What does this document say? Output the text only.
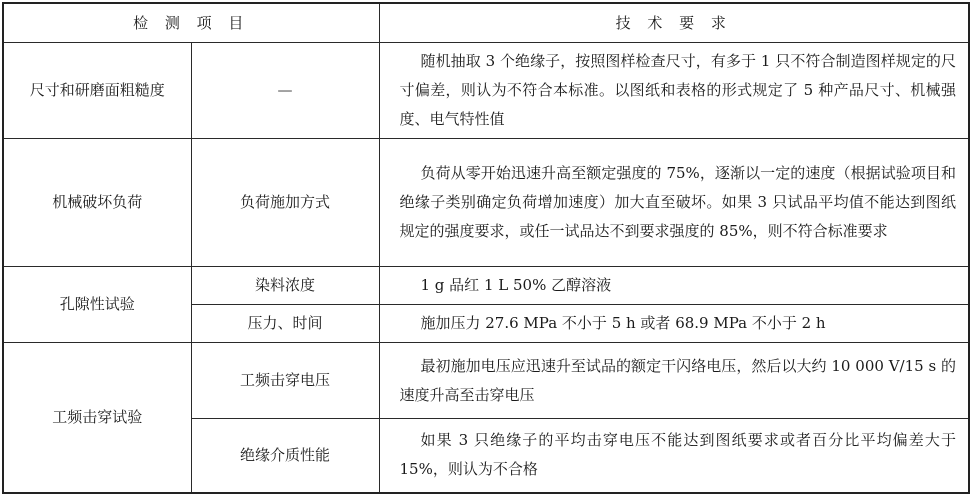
检 测 项 目		技 术 要 求
尺寸和研磨面粗糙度	—	随机抽取 3 个绝缘子，按照图样检查尺寸，有多于 1 只不符合制造图样规定的尺寸偏差，则认为不符合本标准。以图纸和表格的形式规定了 5 种产品尺寸、机械强度、电气特性值

机械破坏负荷	负荷施加方式	负荷从零开始迅速升高至额定强度的 75%，逐渐以一定的速度（根据试验项目和绝缘子类别确定负荷增加速度）加大直至破坏。如果 3 只试品平均值不能达到图纸规定的强度要求，或任一试品达不到要求强度的 85%，则不符合标准要求

孔隙性试验	染料浓度	1 g 品红 1 L 50% 乙醇溶液

	压力、时间	施加压力 27.6 MPa 不小于 5 h 或者 68.9 MPa 不小于 2 h

工频击穿试验	工频击穿电压	最初施加电压应迅速升至试品的额定干闪络电压，然后以大约 10 000 V/15 s 的速度升高至击穿电压

	绝缘介质性能	如果 3 只绝缘子的平均击穿电压不能达到图纸要求或者百分比平均偏差大于 15%，则认为不合格
